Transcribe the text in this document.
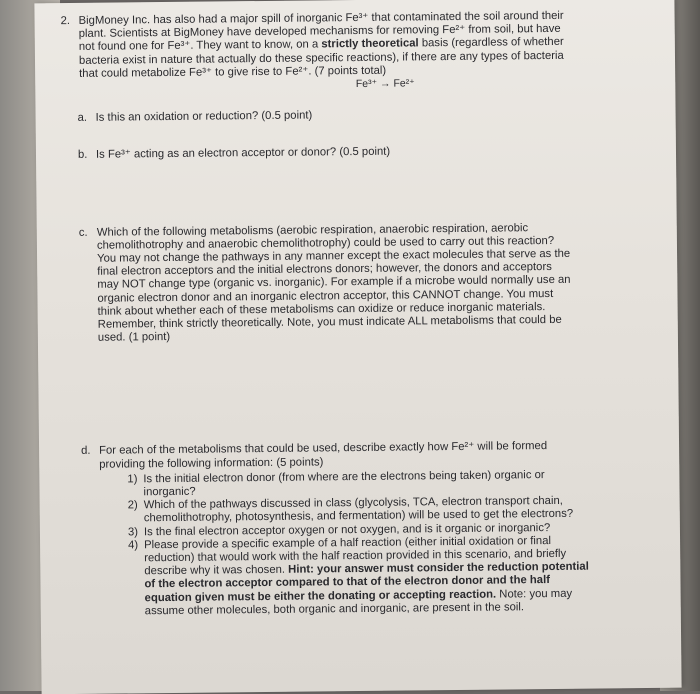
2. BigMoney Inc. has also had a major spill of inorganic Fe³⁺ that contaminated the soil around their
plant. Scientists at BigMoney have developed mechanisms for removing Fe²⁺ from soil, but have
not found one for Fe³⁺. They want to know, on a strictly theoretical basis (regardless of whether
bacteria exist in nature that actually do these specific reactions), if there are any types of bacteria
that could metabolize Fe³⁺ to give rise to Fe²⁺. (7 points total)
Fe³⁺ → Fe²⁺
a. Is this an oxidation or reduction? (0.5 point)
b. Is Fe³⁺ acting as an electron acceptor or donor? (0.5 point)
c. Which of the following metabolisms (aerobic respiration, anaerobic respiration, aerobic
chemolithotrophy and anaerobic chemolithotrophy) could be used to carry out this reaction?
You may not change the pathways in any manner except the exact molecules that serve as the
final electron acceptors and the initial electrons donors; however, the donors and acceptors
may NOT change type (organic vs. inorganic). For example if a microbe would normally use an
organic electron donor and an inorganic electron acceptor, this CANNOT change. You must
think about whether each of these metabolisms can oxidize or reduce inorganic materials.
Remember, think strictly theoretically. Note, you must indicate ALL metabolisms that could be
used. (1 point)
d. For each of the metabolisms that could be used, describe exactly how Fe²⁺ will be formed
providing the following information: (5 points)
1) Is the initial electron donor (from where are the electrons being taken) organic or
inorganic?
2) Which of the pathways discussed in class (glycolysis, TCA, electron transport chain,
chemolithotrophy, photosynthesis, and fermentation) will be used to get the electrons?
3) Is the final electron acceptor oxygen or not oxygen, and is it organic or inorganic?
4) Please provide a specific example of a half reaction (either initial oxidation or final
reduction) that would work with the half reaction provided in this scenario, and briefly
describe why it was chosen. Hint: your answer must consider the reduction potential
of the electron acceptor compared to that of the electron donor and the half
equation given must be either the donating or accepting reaction. Note: you may
assume other molecules, both organic and inorganic, are present in the soil.
